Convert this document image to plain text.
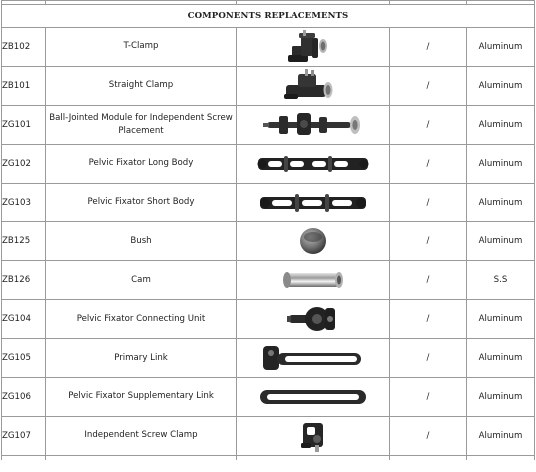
COMPONENTS REPLACEMENTS				
ZB102	T-Clamp		/	Aluminum
ZB101	Straight Clamp		/	Aluminum
ZG101	Ball-Jointed Module for Independent Screw Placement		/	Aluminum
ZG102	Pelvic Fixator Long Body		/	Aluminum
ZG103	Pelvic Fixator Short Body		/	Aluminum
ZB125	Bush		/	Aluminum
ZB126	Cam		/	S.S
ZG104	Pelvic Fixator Connecting Unit		/	Aluminum
ZG105	Primary Link		/	Aluminum
ZG106	Pelvic Fixator Supplementary Link		/	Aluminum
ZG107	Independent Screw Clamp		/	Aluminum
